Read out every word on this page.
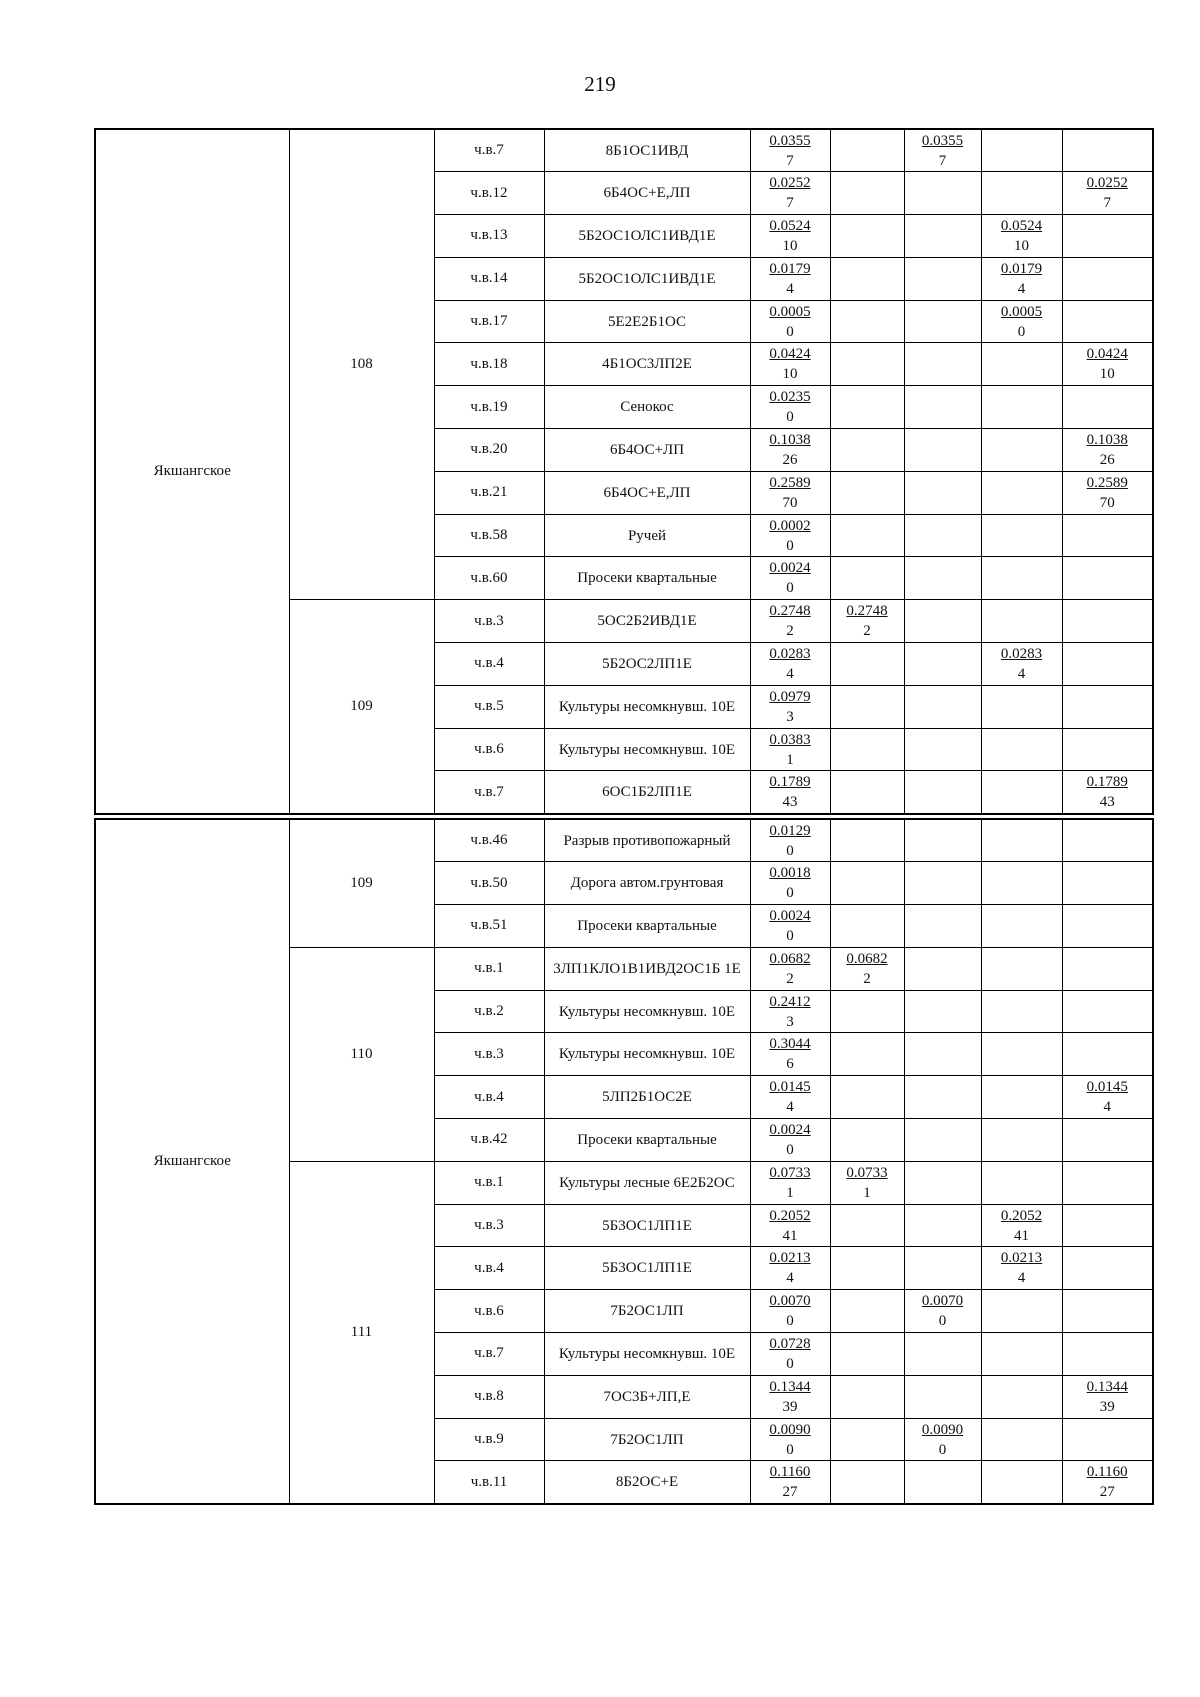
219
Якшангское	108	ч.в.7	8Б1ОС1ИВД	$\frac{0.0355}{7}$		$\frac{0.0355}{7}$

		ч.в.12	6Б4ОС+Е,ЛП	$\frac{0.0252}{7}$				$\frac{0.0252}{7}$

		ч.в.13	5Б2ОС1ОЛС1ИВД1Е	$\frac{0.0524}{10}$			$\frac{0.0524}{10}$

		ч.в.14	5Б2ОС1ОЛС1ИВД1Е	$\frac{0.0179}{4}$			$\frac{0.0179}{4}$

		ч.в.17	5Е2Е2Б1ОС	$\frac{0.0005}{0}$			$\frac{0.0005}{0}$

		ч.в.18	4Б1ОС3ЛП2Е	$\frac{0.0424}{10}$				$\frac{0.0424}{10}$

		ч.в.19	Сенокос	$\frac{0.0235}{0}$

		ч.в.20	6Б4ОС+ЛП	$\frac{0.1038}{26}$				$\frac{0.1038}{26}$

		ч.в.21	6Б4ОС+Е,ЛП	$\frac{0.2589}{70}$				$\frac{0.2589}{70}$

		ч.в.58	Ручей	$\frac{0.0002}{0}$

		ч.в.60	Просеки квартальные	$\frac{0.0024}{0}$

	109	ч.в.3	5ОС2Б2ИВД1Е	$\frac{0.2748}{2}$	$\frac{0.2748}{2}$

		ч.в.4	5Б2ОС2ЛП1Е	$\frac{0.0283}{4}$			$\frac{0.0283}{4}$

		ч.в.5	Культуры несомкнувш. 10Е	$\frac{0.0979}{3}$

		ч.в.6	Культуры несомкнувш. 10Е	$\frac{0.0383}{1}$

		ч.в.7	6ОС1Б2ЛП1Е	$\frac{0.1789}{43}$				$\frac{0.1789}{43}$
Якшангское	109	ч.в.46	Разрыв противопожарный	$\frac{0.0129}{0}$

		ч.в.50	Дорога автом.грунтовая	$\frac{0.0018}{0}$

		ч.в.51	Просеки квартальные	$\frac{0.0024}{0}$

	110	ч.в.1	3ЛП1КЛО1В1ИВД2ОС1Б 1Е	$\frac{0.0682}{2}$	$\frac{0.0682}{2}$

		ч.в.2	Культуры несомкнувш. 10Е	$\frac{0.2412}{3}$

		ч.в.3	Культуры несомкнувш. 10Е	$\frac{0.3044}{6}$

		ч.в.4	5ЛП2Б1ОС2Е	$\frac{0.0145}{4}$				$\frac{0.0145}{4}$

		ч.в.42	Просеки квартальные	$\frac{0.0024}{0}$

	111	ч.в.1	Культуры лесные 6Е2Б2ОС	$\frac{0.0733}{1}$	$\frac{0.0733}{1}$

		ч.в.3	5Б3ОС1ЛП1Е	$\frac{0.2052}{41}$			$\frac{0.2052}{41}$

		ч.в.4	5Б3ОС1ЛП1Е	$\frac{0.0213}{4}$			$\frac{0.0213}{4}$

		ч.в.6	7Б2ОС1ЛП	$\frac{0.0070}{0}$		$\frac{0.0070}{0}$

		ч.в.7	Культуры несомкнувш. 10Е	$\frac{0.0728}{0}$

		ч.в.8	7ОС3Б+ЛП,Е	$\frac{0.1344}{39}$				$\frac{0.1344}{39}$

		ч.в.9	7Б2ОС1ЛП	$\frac{0.0090}{0}$		$\frac{0.0090}{0}$

		ч.в.11	8Б2ОС+Е	$\frac{0.1160}{27}$				$\frac{0.1160}{27}$
